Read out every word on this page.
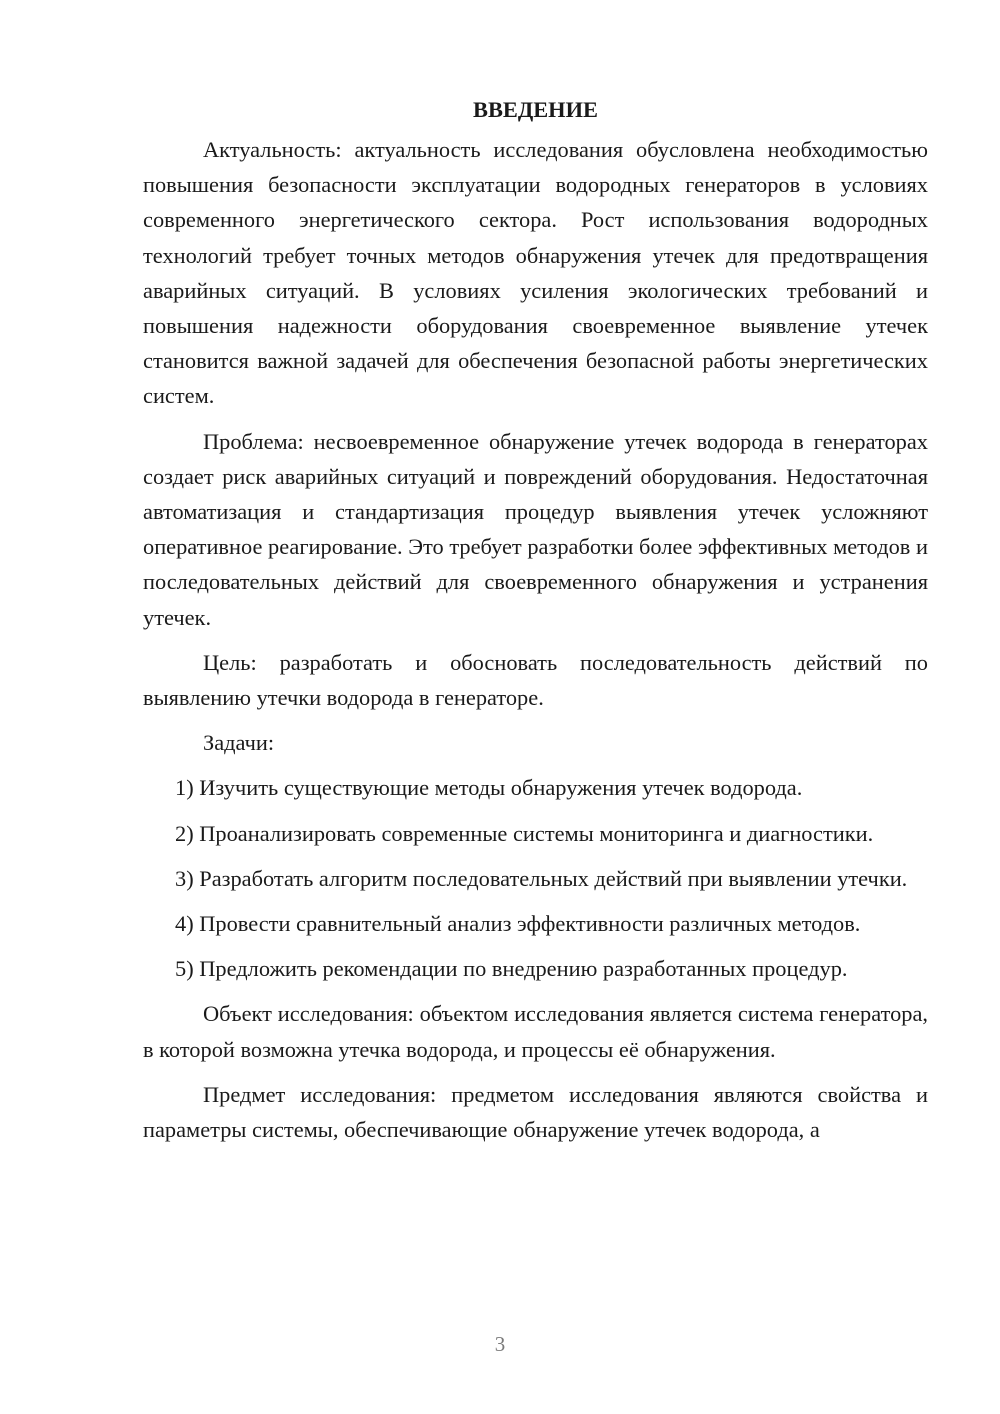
ВВЕДЕНИЕ

Актуальность: актуальность исследования обусловлена необходимостью повышения безопасности эксплуатации водородных генераторов в условиях современного энергетического сектора. Рост использования водородных технологий требует точных методов обнаружения утечек для предотвращения аварийных ситуаций. В условиях усиления экологических требований и повышения надежности оборудования своевременное выявление утечек становится важной задачей для обеспечения безопасной работы энергетических систем.

Проблема: несвоевременное обнаружение утечек водорода в генераторах создает риск аварийных ситуаций и повреждений оборудования. Недостаточная автоматизация и стандартизация процедур выявления утечек усложняют оперативное реагирование. Это требует разработки более эффективных методов и последовательных действий для своевременного обнаружения и устранения утечек.

Цель: разработать и обосновать последовательность действий по выявлению утечки водорода в генераторе.

Задачи:

1) Изучить существующие методы обнаружения утечек водорода.

2) Проанализировать современные системы мониторинга и диагностики.

3) Разработать алгоритм последовательных действий при выявлении утечки.

4) Провести сравнительный анализ эффективности различных методов.

5) Предложить рекомендации по внедрению разработанных процедур.

Объект исследования: объектом исследования является система генератора, в которой возможна утечка водорода, и процессы её обнаружения.

Предмет исследования: предметом исследования являются свойства и параметры системы, обеспечивающие обнаружение утечек водорода, а

3
